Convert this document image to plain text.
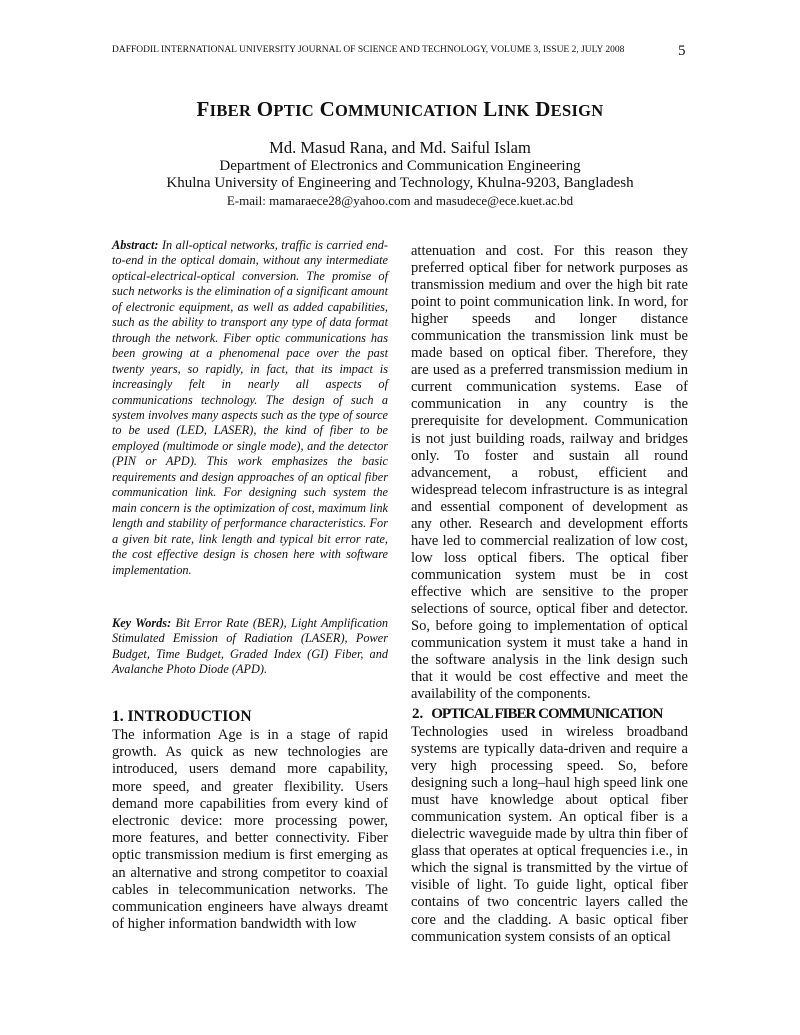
DAFFODIL INTERNATIONAL UNIVERSITY JOURNAL OF SCIENCE AND TECHNOLOGY, VOLUME 3, ISSUE 2, JULY 2008	5
FIBER OPTIC COMMUNICATION LINK DESIGN
Md. Masud Rana, and Md. Saiful Islam
Department of Electronics and Communication Engineering
Khulna University of Engineering and Technology, Khulna-9203, Bangladesh
E-mail: mamaraece28@yahoo.com and masudece@ece.kuet.ac.bd

Abstract: In all-optical networks, traffic is carried end-to-end in the optical domain, without any intermediate optical-electrical-optical conversion. The promise of such networks is the elimination of a significant amount of electronic equipment, as well as added capabilities, such as the ability to transport any type of data format through the network. Fiber optic communications has been growing at a phenomenal pace over the past twenty years, so rapidly, in fact, that its impact is increasingly felt in nearly all aspects of communications technology. The design of such a system involves many aspects such as the type of source to be used (LED, LASER), the kind of fiber to be employed (multimode or single mode), and the detector (PIN or APD). This work emphasizes the basic requirements and design approaches of an optical fiber communication link. For designing such system the main concern is the optimization of cost, maximum link length and stability of performance characteristics. For a given bit rate, link length and typical bit error rate, the cost effective design is chosen here with software implementation.

Key Words: Bit Error Rate (BER), Light Amplification Stimulated Emission of Radiation (LASER), Power Budget, Time Budget, Graded Index (GI) Fiber, and Avalanche Photo Diode (APD).

1. INTRODUCTION

The information Age is in a stage of rapid growth. As quick as new technologies are introduced, users demand more capability, more speed, and greater flexibility. Users demand more capabilities from every kind of electronic device: more processing power, more features, and better connectivity. Fiber optic transmission medium is first emerging as an alternative and strong competitor to coaxial cables in telecommunication networks. The communication engineers have always dreamt of higher information bandwidth with low

attenuation and cost. For this reason they preferred optical fiber for network purposes as transmission medium and over the high bit rate point to point communication link. In word, for higher speeds and longer distance communication the transmission link must be made based on optical fiber. Therefore, they are used as a preferred transmission medium in current communication systems. Ease of communication in any country is the prerequisite for development. Communication is not just building roads, railway and bridges only. To foster and sustain all round advancement, a robust, efficient and widespread telecom infrastructure is as integral and essential component of development as any other. Research and development efforts have led to commercial realization of low cost, low loss optical fibers. The optical fiber communication system must be in cost effective which are sensitive to the proper selections of source, optical fiber and detector. So, before going to implementation of optical communication system it must take a hand in the software analysis in the link design such that it would be cost effective and meet the availability of the components.

2. OPTICAL FIBER COMMUNICATION

Technologies used in wireless broadband systems are typically data-driven and require a very high processing speed. So, before designing such a long–haul high speed link one must have knowledge about optical fiber communication system. An optical fiber is a dielectric waveguide made by ultra thin fiber of glass that operates at optical frequencies i.e., in which the signal is transmitted by the virtue of visible of light. To guide light, optical fiber contains of two concentric layers called the core and the cladding. A basic optical fiber communication system consists of an optical
